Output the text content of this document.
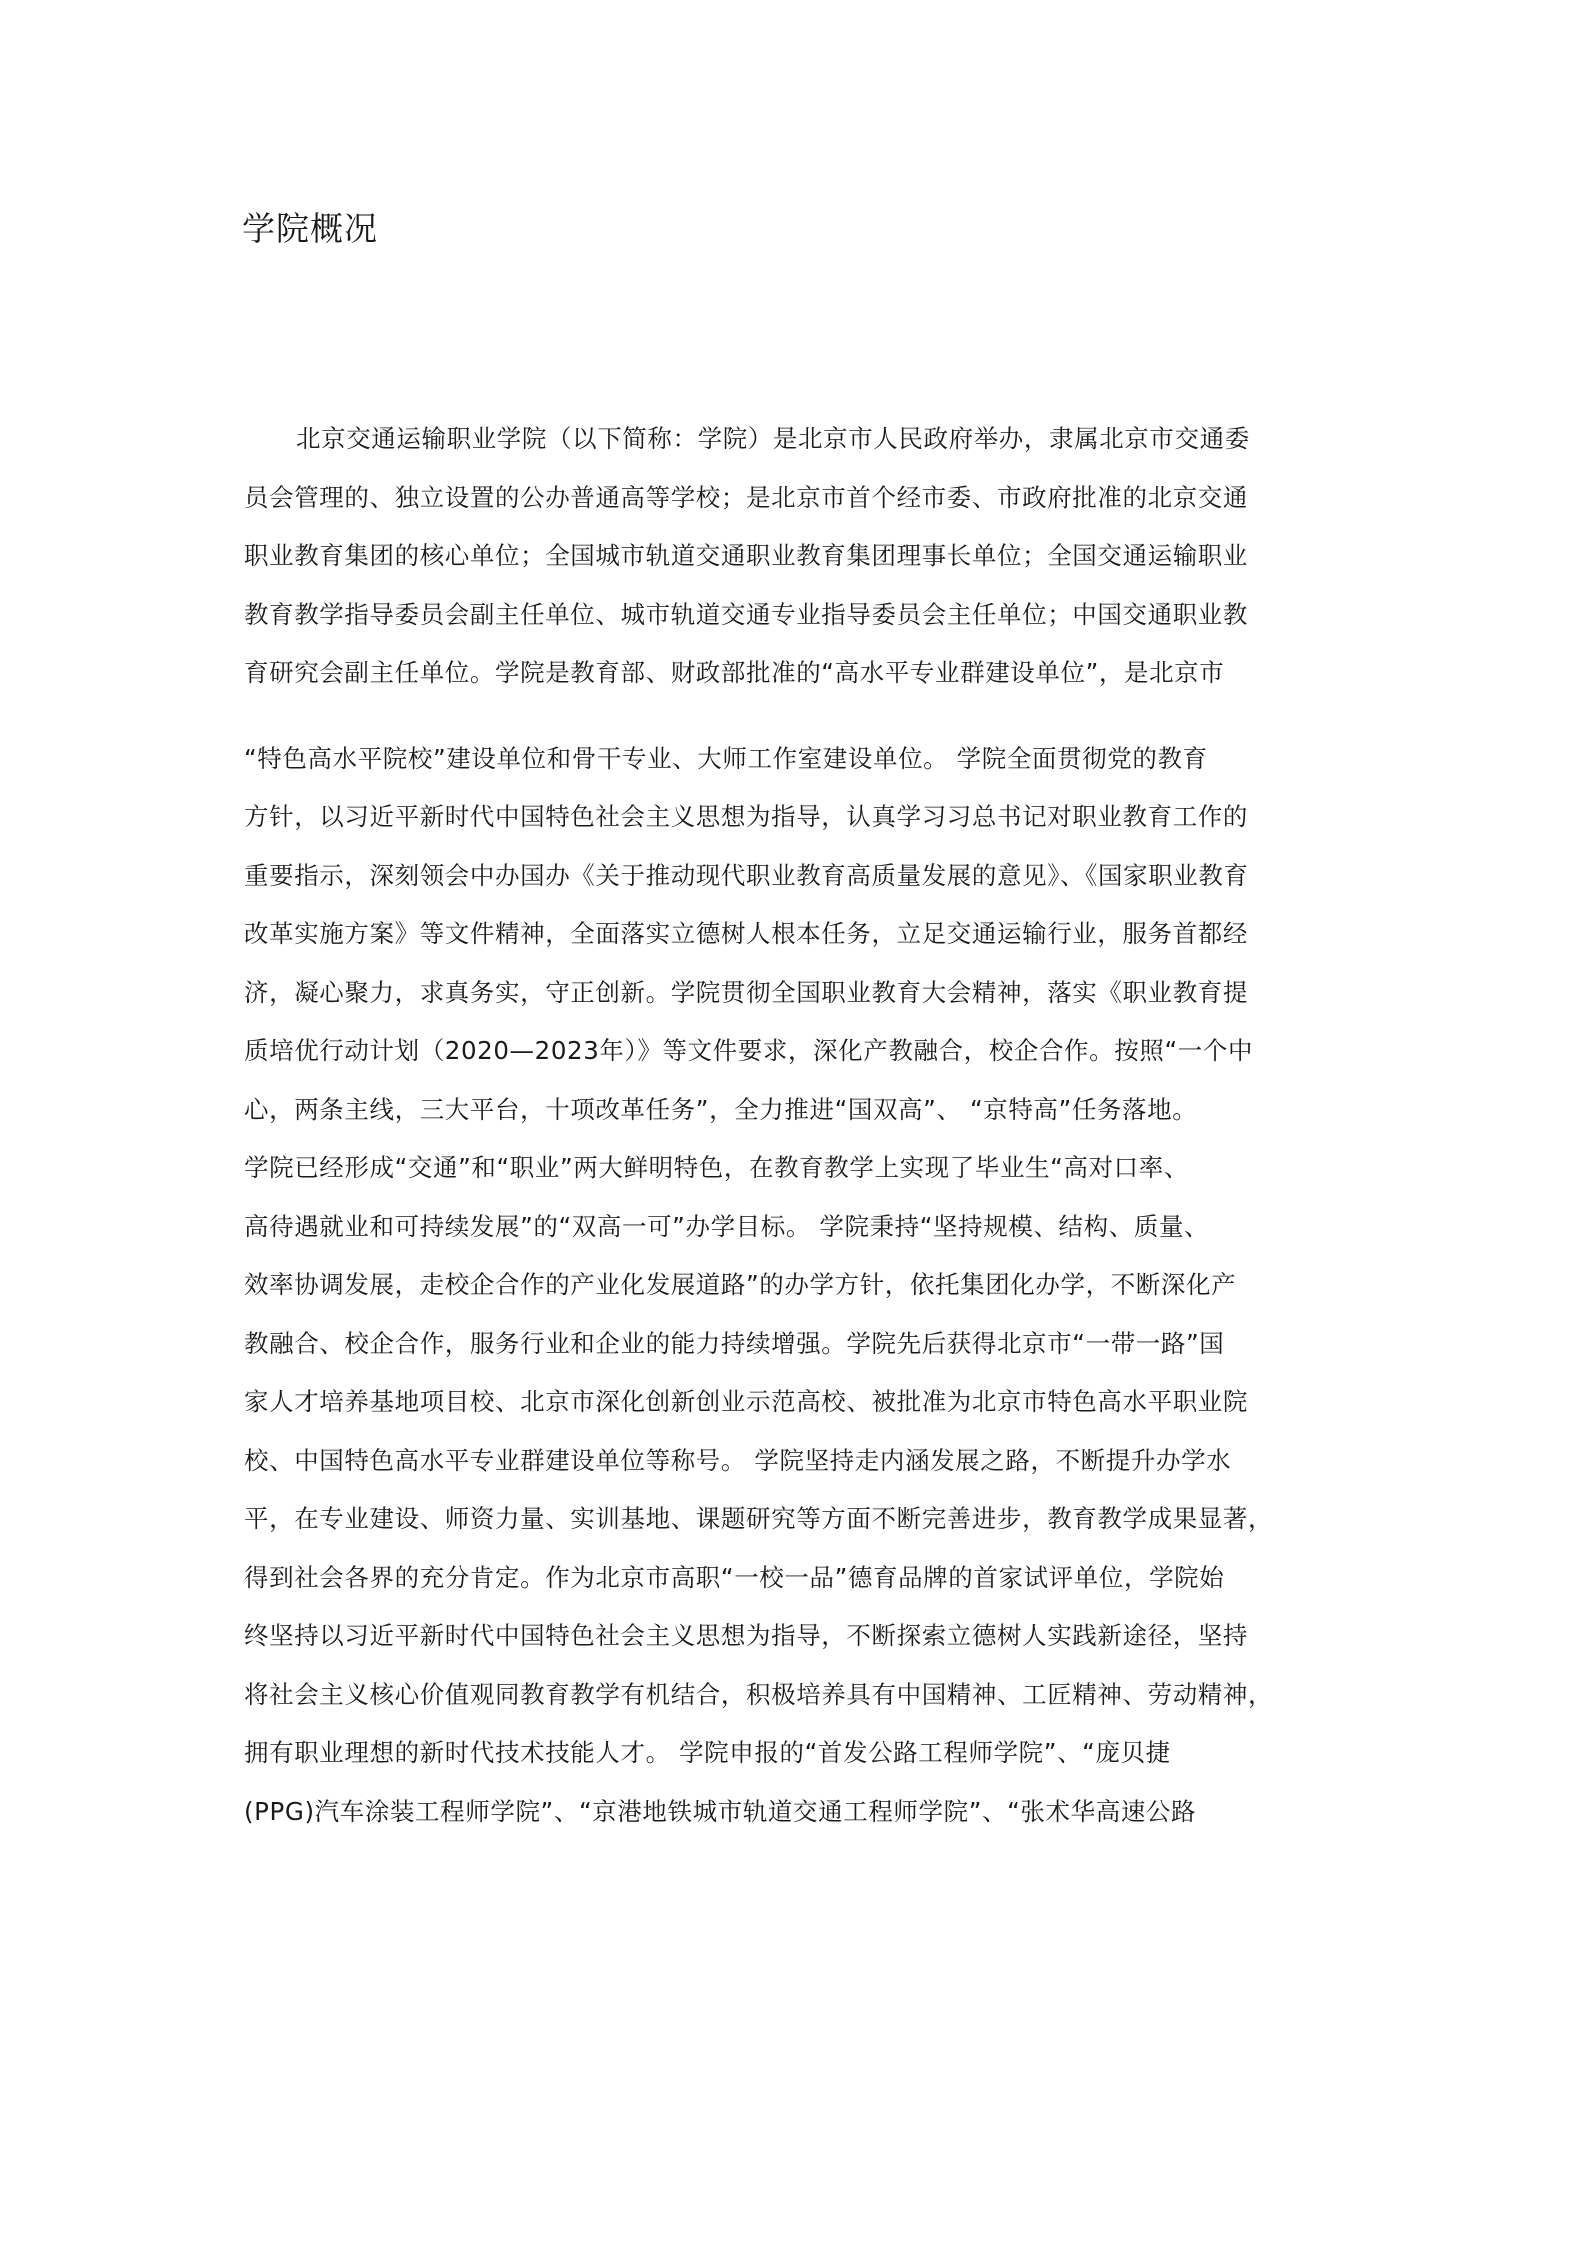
学院概况
北京交通运输职业学院（以下简称：学院）是北京市人民政府举办，隶属北京市交通委
员会管理的、独立设置的公办普通高等学校；是北京市首个经市委、市政府批准的北京交通
职业教育集团的核心单位；全国城市轨道交通职业教育集团理事长单位；全国交通运输职业
教育教学指导委员会副主任单位、城市轨道交通专业指导委员会主任单位；中国交通职业教
育研究会副主任单位。学院是教育部、财政部批准的“高水平专业群建设单位”，是北京市
“特色高水平院校”建设单位和骨干专业、大师工作室建设单位。 学院全面贯彻党的教育
方针，以习近平新时代中国特色社会主义思想为指导，认真学习习总书记对职业教育工作的
重要指示，深刻领会中办国办《关于推动现代职业教育高质量发展的意见》、《国家职业教育
改革实施方案》等文件精神，全面落实立德树人根本任务，立足交通运输行业，服务首都经
济，凝心聚力，求真务实，守正创新。学院贯彻全国职业教育大会精神，落实《职业教育提
质培优行动计划（2020—2023年）》等文件要求，深化产教融合，校企合作。按照“一个中
心，两条主线，三大平台，十项改革任务”，全力推进“国双高”、 “京特高”任务落地。
学院已经形成“交通”和“职业”两大鲜明特色，在教育教学上实现了毕业生“高对口率、
高待遇就业和可持续发展”的“双高一可”办学目标。 学院秉持“坚持规模、结构、质量、
效率协调发展，走校企合作的产业化发展道路”的办学方针，依托集团化办学，不断深化产
教融合、校企合作，服务行业和企业的能力持续增强。学院先后获得北京市“一带一路”国
家人才培养基地项目校、北京市深化创新创业示范高校、被批准为北京市特色高水平职业院
校、中国特色高水平专业群建设单位等称号。 学院坚持走内涵发展之路，不断提升办学水
平，在专业建设、师资力量、实训基地、课题研究等方面不断完善进步，教育教学成果显著，
得到社会各界的充分肯定。作为北京市高职“一校一品”德育品牌的首家试评单位，学院始
终坚持以习近平新时代中国特色社会主义思想为指导，不断探索立德树人实践新途径，坚持
将社会主义核心价值观同教育教学有机结合，积极培养具有中国精神、工匠精神、劳动精神，
拥有职业理想的新时代技术技能人才。 学院申报的“首发公路工程师学院”、“庞贝捷
(PPG)汽车涂装工程师学院”、“京港地铁城市轨道交通工程师学院”、“张术华高速公路
